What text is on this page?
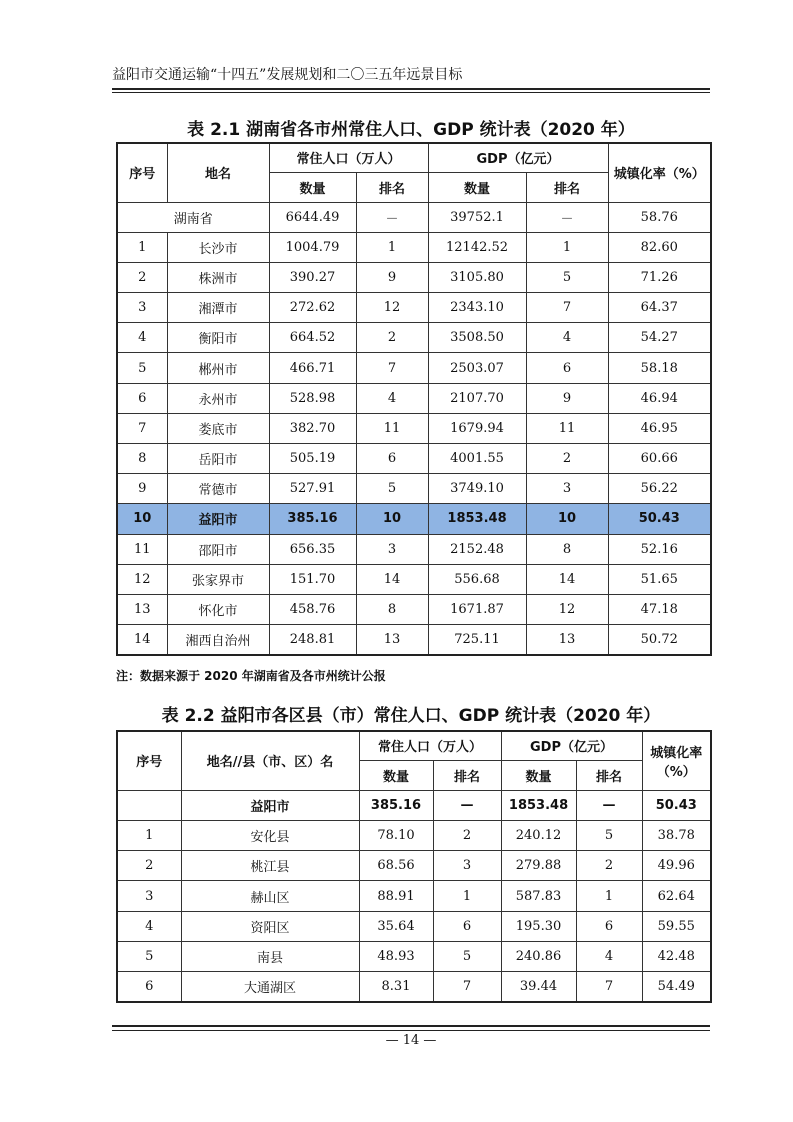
益阳市交通运输“十四五”发展规划和二〇三五年远景目标
表 2.1 湖南省各市州常住人口、GDP 统计表（2020 年）
序号	地名	常住人口（万人）		GDP（亿元）		城镇化率（%）
		数量	排名	数量	排名	
湖南省		6644.49	－	39752.1	－	58.76
1	长沙市	1004.79	1	12142.52	1	82.60
2	株洲市	390.27	9	3105.80	5	71.26
3	湘潭市	272.62	12	2343.10	7	64.37
4	衡阳市	664.52	2	3508.50	4	54.27
5	郴州市	466.71	7	2503.07	6	58.18
6	永州市	528.98	4	2107.70	9	46.94
7	娄底市	382.70	11	1679.94	11	46.95
8	岳阳市	505.19	6	4001.55	2	60.66
9	常德市	527.91	5	3749.10	3	56.22
10	益阳市	385.16	10	1853.48	10	50.43
11	邵阳市	656.35	3	2152.48	8	52.16
12	张家界市	151.70	14	556.68	14	51.65
13	怀化市	458.76	8	1671.87	12	47.18
14	湘西自治州	248.81	13	725.11	13	50.72
注：数据来源于 2020 年湖南省及各市州统计公报
表 2.2 益阳市各区县（市）常住人口、GDP 统计表（2020 年）
序号	地名//县（市、区）名	常住人口（万人）		GDP（亿元）		城镇化率（%）
		数量	排名	数量	排名	
	益阳市	385.16	—	1853.48	—	50.43
1	安化县	78.10	2	240.12	5	38.78
2	桃江县	68.56	3	279.88	2	49.96
3	赫山区	88.91	1	587.83	1	62.64
4	资阳区	35.64	6	195.30	6	59.55
5	南县	48.93	5	240.86	4	42.48
6	大通湖区	8.31	7	39.44	7	54.49
— 14 —
